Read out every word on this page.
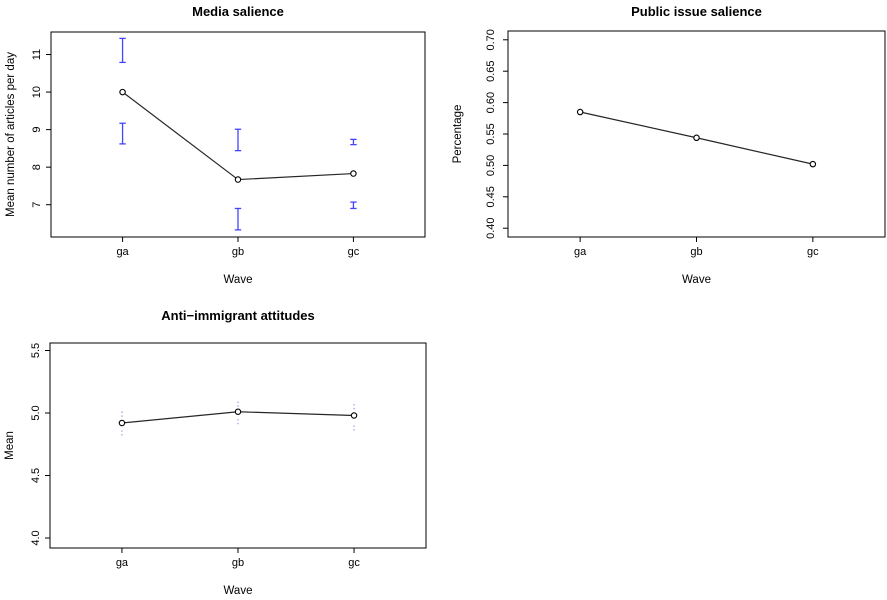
7
8
9
10
11
ga	gb	gc
Media salience
Wave
Mean number of articles per day
0.40
0.45
0.50
0.55
0.60
0.65
0.70
ga	gb	gc
Public issue salience
Wave
Percentage
4.0
4.5
5.0
5.5
ga	gb	gc
Anti−immigrant attitudes
Wave
Mean
